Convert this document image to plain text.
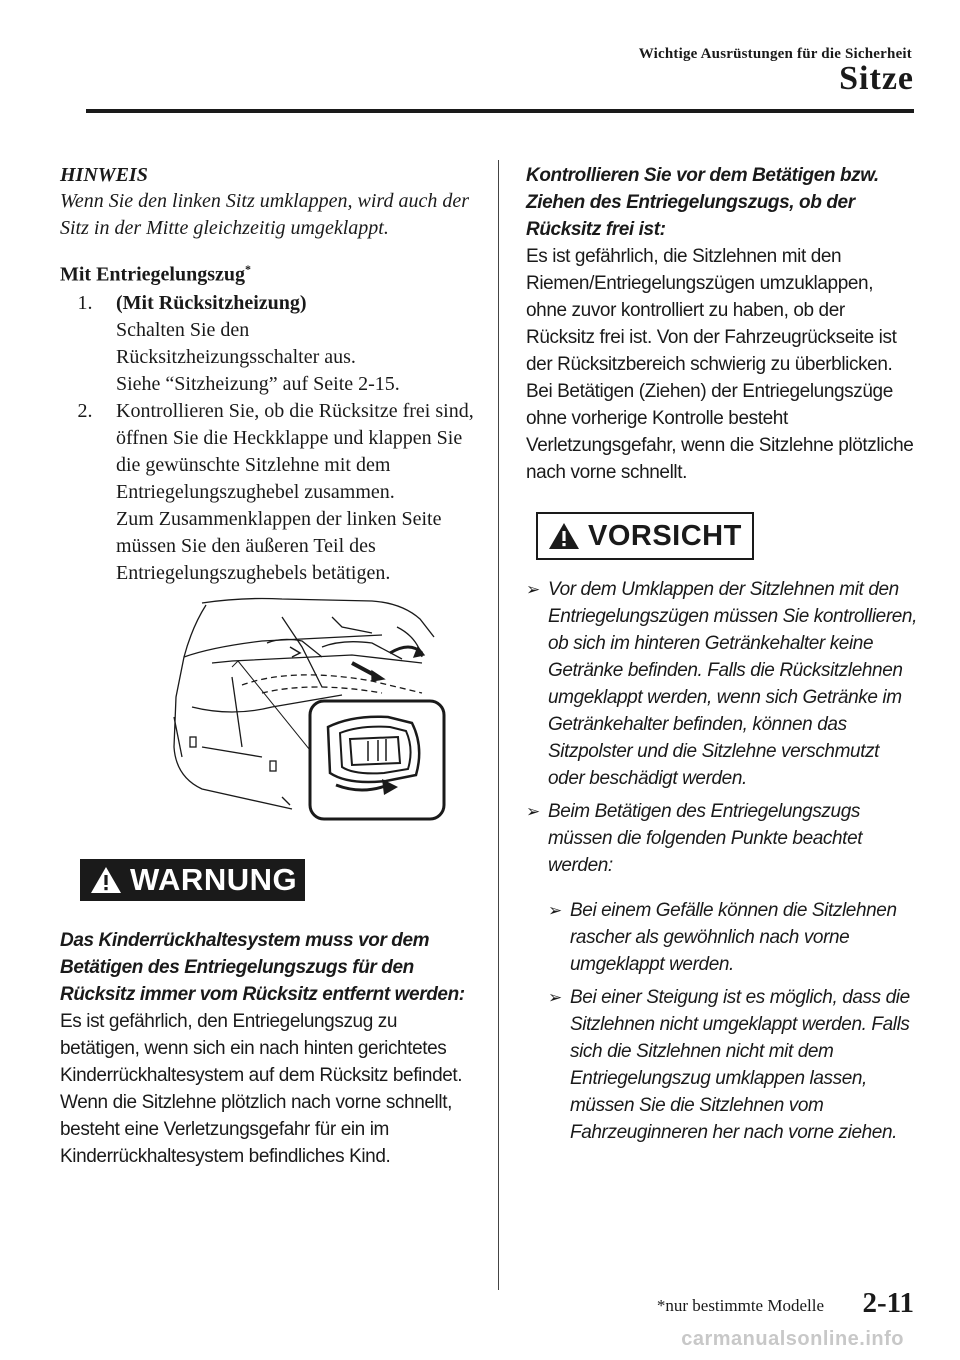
Wichtige Ausrüstungen für die Sicherheit
Sitze
HINWEIS
Wenn Sie den linken Sitz umklappen, wird auch der Sitz in der Mitte gleichzeitig umgeklappt.
Mit Entriegelungszug*
1.	(Mit Rücksitzheizung)
Schalten Sie den
Rücksitzheizungsschalter aus.
Siehe “Sitzheizung” auf Seite 2-15.
2.	Kontrollieren Sie, ob die Rücksitze frei sind, öffnen Sie die Heckklappe und klappen Sie die gewünschte Sitzlehne mit dem Entriegelungszughebel zusammen.
Zum Zusammenklappen der linken Seite müssen Sie den äußeren Teil des Entriegelungszughebels betätigen.
WARNUNG
Das Kinderrückhaltesystem muss vor dem Betätigen des Entriegelungszugs für den Rücksitz immer vom Rücksitz entfernt werden:
Es ist gefährlich, den Entriegelungszug zu betätigen, wenn sich ein nach hinten gerichtetes Kinderrückhaltesystem auf dem Rücksitz befindet. Wenn die Sitzlehne plötzlich nach vorne schnellt, besteht eine Verletzungsgefahr für ein im Kinderrückhaltesystem befindliches Kind.
Kontrollieren Sie vor dem Betätigen bzw. Ziehen des Entriegelungszugs, ob der Rücksitz frei ist:
Es ist gefährlich, die Sitzlehnen mit den Riemen/Entriegelungszügen umzuklappen, ohne zuvor kontrolliert zu haben, ob der Rücksitz frei ist. Von der Fahrzeugrückseite ist der Rücksitzbereich schwierig zu überblicken. Bei Betätigen (Ziehen) der Entriegelungszüge ohne vorherige Kontrolle besteht Verletzungsgefahr, wenn die Sitzlehne plötzliche nach vorne schnellt.
VORSICHT
➢ Vor dem Umklappen der Sitzlehnen mit den Entriegelungszügen müssen Sie kontrollieren, ob sich im hinteren Getränkehalter keine Getränke befinden. Falls die Rücksitzlehnen umgeklappt werden, wenn sich Getränke im Getränkehalter befinden, können das Sitzpolster und die Sitzlehne verschmutzt oder beschädigt werden.
➢ Beim Betätigen des Entriegelungszugs müssen die folgenden Punkte beachtet werden:
➢ Bei einem Gefälle können die Sitzlehnen rascher als gewöhnlich nach vorne umgeklappt werden.
➢ Bei einer Steigung ist es möglich, dass die Sitzlehnen nicht umgeklappt werden. Falls sich die Sitzlehnen nicht mit dem Entriegelungszug umklappen lassen, müssen Sie die Sitzlehnen vom Fahrzeuginneren her nach vorne ziehen.
*nur bestimmte Modelle 2-11
carmanualsonline.info
